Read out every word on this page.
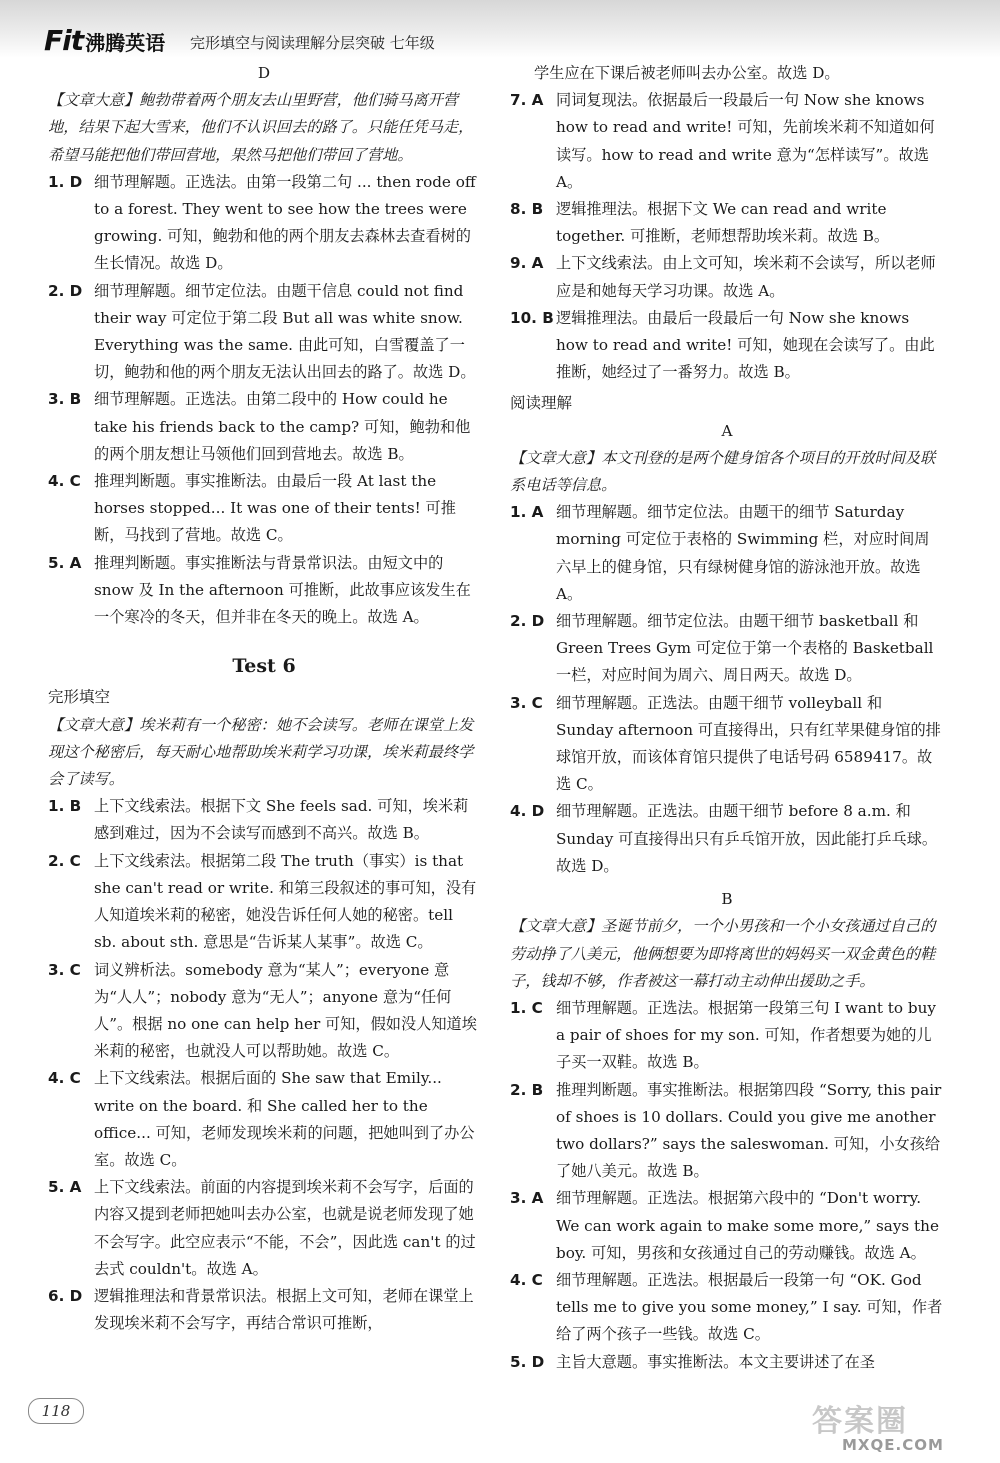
Fit 沸腾英语 完形填空与阅读理解分层突破 七年级

D

【文章大意】鲍勃带着两个朋友去山里野营，他们骑马离开营地，结果下起大雪来，他们不认识回去的路了。只能任凭马走，希望马能把他们带回营地，果然马把他们带回了营地。

1. D 细节理解题。正选法。由第一段第二句 ... then rode off to a forest. They went to see how the trees were growing. 可知，鲍勃和他的两个朋友去森林去查看树的生长情况。故选 D。
2. D 细节理解题。细节定位法。由题干信息 could not find their way 可定位于第二段 But all was white snow. Everything was the same. 由此可知，白雪覆盖了一切，鲍勃和他的两个朋友无法认出回去的路了。故选 D。
3. B 细节理解题。正选法。由第二段中的 How could he take his friends back to the camp? 可知，鲍勃和他的两个朋友想让马领他们回到营地去。故选 B。
4. C 推理判断题。事实推断法。由最后一段 At last the horses stopped... It was one of their tents! 可推断，马找到了营地。故选 C。
5. A 推理判断题。事实推断法与背景常识法。由短文中的 snow 及 In the afternoon 可推断，此故事应该发生在一个寒冷的冬天，但并非在冬天的晚上。故选 A。
Test 6
完形填空

【文章大意】埃米莉有一个秘密：她不会读写。老师在课堂上发现这个秘密后，每天耐心地帮助埃米莉学习功课，埃米莉最终学会了读写。

1. B 上下文线索法。根据下文 She feels sad. 可知，埃米莉感到难过，因为不会读写而感到不高兴。故选 B。
2. C 上下文线索法。根据第二段 The truth（事实）is that she can't read or write. 和第三段叙述的事可知，没有人知道埃米莉的秘密，她没告诉任何人她的秘密。tell sb. about sth. 意思是“告诉某人某事”。故选 C。
3. C 词义辨析法。somebody 意为“某人”；everyone 意为“人人”；nobody 意为“无人”；anyone 意为“任何人”。根据 no one can help her 可知，假如没人知道埃米莉的秘密，也就没人可以帮助她。故选 C。
4. C 上下文线索法。根据后面的 She saw that Emily... write on the board. 和 She called her to the office... 可知，老师发现埃米莉的问题，把她叫到了办公室。故选 C。
5. A 上下文线索法。前面的内容提到埃米莉不会写字，后面的内容又提到老师把她叫去办公室，也就是说老师发现了她不会写字。此空应表示“不能，不会”，因此选 can't 的过去式 couldn't。故选 A。
6. D 逻辑推理法和背景常识法。根据上文可知，老师在课堂上发现埃米莉不会写字，再结合常识可推断，

学生应在下课后被老师叫去办公室。故选 D。

7. A 同词复现法。依据最后一段最后一句 Now she knows how to read and write! 可知，先前埃米莉不知道如何读写。how to read and write 意为“怎样读写”。故选 A。
8. B 逻辑推理法。根据下文 We can read and write together. 可推断，老师想帮助埃米莉。故选 B。
9. A 上下文线索法。由上文可知，埃米莉不会读写，所以老师应是和她每天学习功课。故选 A。
10. B 逻辑推理法。由最后一段最后一句 Now she knows how to read and write! 可知，她现在会读写了。由此推断，她经过了一番努力。故选 B。
阅读理解

A

【文章大意】本文刊登的是两个健身馆各个项目的开放时间及联系电话等信息。

1. A 细节理解题。细节定位法。由题干的细节 Saturday morning 可定位于表格的 Swimming 栏，对应时间周六早上的健身馆，只有绿树健身馆的游泳池开放。故选 A。
2. D 细节理解题。细节定位法。由题干细节 basketball 和 Green Trees Gym 可定位于第一个表格的 Basketball 一栏，对应时间为周六、周日两天。故选 D。
3. C 细节理解题。正选法。由题干细节 volleyball 和 Sunday afternoon 可直接得出，只有红苹果健身馆的排球馆开放，而该体育馆只提供了电话号码 6589417。故选 C。
4. D 细节理解题。正选法。由题干细节 before 8 a.m. 和 Sunday 可直接得出只有乒乓馆开放，因此能打乒乓球。故选 D。

B

【文章大意】圣诞节前夕，一个小男孩和一个小女孩通过自己的劳动挣了八美元，他俩想要为即将离世的妈妈买一双金黄色的鞋子，钱却不够，作者被这一幕打动主动伸出援助之手。

1. C 细节理解题。正选法。根据第一段第三句 I want to buy a pair of shoes for my son. 可知，作者想要为她的儿子买一双鞋。故选 B。
2. B 推理判断题。事实推断法。根据第四段 “Sorry, this pair of shoes is 10 dollars. Could you give me another two dollars?” says the saleswoman. 可知，小女孩给了她八美元。故选 B。
3. A 细节理解题。正选法。根据第六段中的 “Don't worry. We can work again to make some more,” says the boy. 可知，男孩和女孩通过自己的劳动赚钱。故选 A。
4. C 细节理解题。正选法。根据最后一段第一句 “OK. God tells me to give you some money,” I say. 可知，作者给了两个孩子一些钱。故选 C。
5. D 主旨大意题。事实推断法。本文主要讲述了在圣
118	答案圈
MXQE.COM
